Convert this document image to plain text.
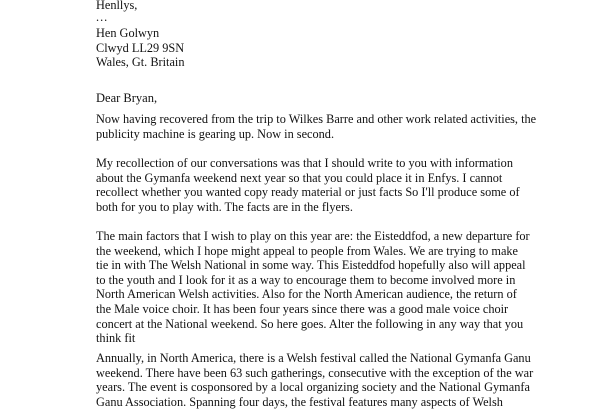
Henllys,
...
Hen Golwyn
Clwyd LL29 9SN
Wales, Gt. Britain
Dear Bryan,
Now having recovered from the trip to Wilkes Barre and other work related activities, the
publicity machine is gearing up. Now in second.
My recollection of our conversations was that I should write to you with information
about the Gymanfa weekend next year so that you could place it in Enfys. I cannot
recollect whether you wanted copy ready material or just facts So I'll produce some of
both for you to play with. The facts are in the flyers.
The main factors that I wish to play on this year are: the Eisteddfod, a new departure for
the weekend, which I hope might appeal to people from Wales. We are trying to make
tie in with The Welsh National in some way. This Eisteddfod hopefully also will appeal
to the youth and I look for it as a way to encourage them to become involved more in
North American Welsh activities. Also for the North American audience, the return of
the Male voice choir. It has been four years since there was a good male voice choir
concert at the National weekend. So here goes. Alter the following in any way that you
think fit
Annually, in North America, there is a Welsh festival called the National Gymanfa Ganu
weekend. There have been 63 such gatherings, consecutive with the exception of the war
years. The event is cosponsored by a local organizing society and the National Gymanfa
Ganu Association. Spanning four days, the festival features many aspects of Welsh
